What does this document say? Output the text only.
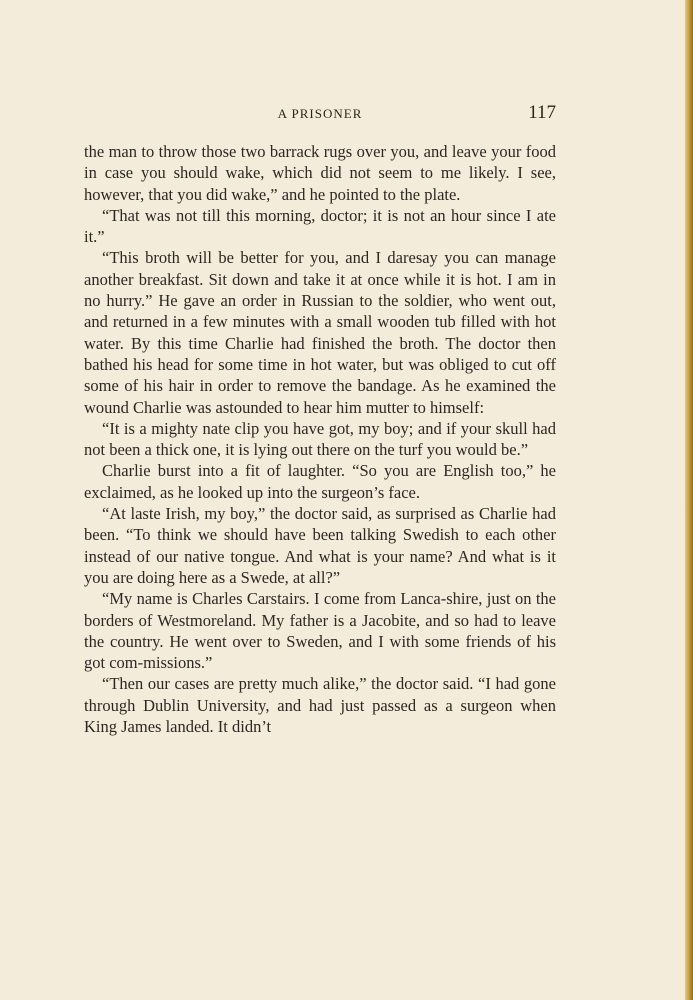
A PRISONER	117

the man to throw those two barrack rugs over you, and leave your food in case you should wake, which did not seem to me likely. I see, however, that you did wake,” and he pointed to the plate.

“That was not till this morning, doctor; it is not an hour since I ate it.”

“This broth will be better for you, and I daresay you can manage another breakfast. Sit down and take it at once while it is hot. I am in no hurry.” He gave an order in Russian to the soldier, who went out, and returned in a few minutes with a small wooden tub filled with hot water. By this time Charlie had finished the broth. The doctor then bathed his head for some time in hot water, but was obliged to cut off some of his hair in order to remove the bandage. As he examined the wound Charlie was astounded to hear him mutter to himself:

“It is a mighty nate clip you have got, my boy; and if your skull had not been a thick one, it is lying out there on the turf you would be.”

Charlie burst into a fit of laughter. “So you are English too,” he exclaimed, as he looked up into the surgeon’s face.

“At laste Irish, my boy,” the doctor said, as surprised as Charlie had been. “To think we should have been talking Swedish to each other instead of our native tongue. And what is your name? And what is it you are doing here as a Swede, at all?”

“My name is Charles Carstairs. I come from Lanca-shire, just on the borders of Westmoreland. My father is a Jacobite, and so had to leave the country. He went over to Sweden, and I with some friends of his got com-missions.”

“Then our cases are pretty much alike,” the doctor said. “I had gone through Dublin University, and had just passed as a surgeon when King James landed. It didn’t
